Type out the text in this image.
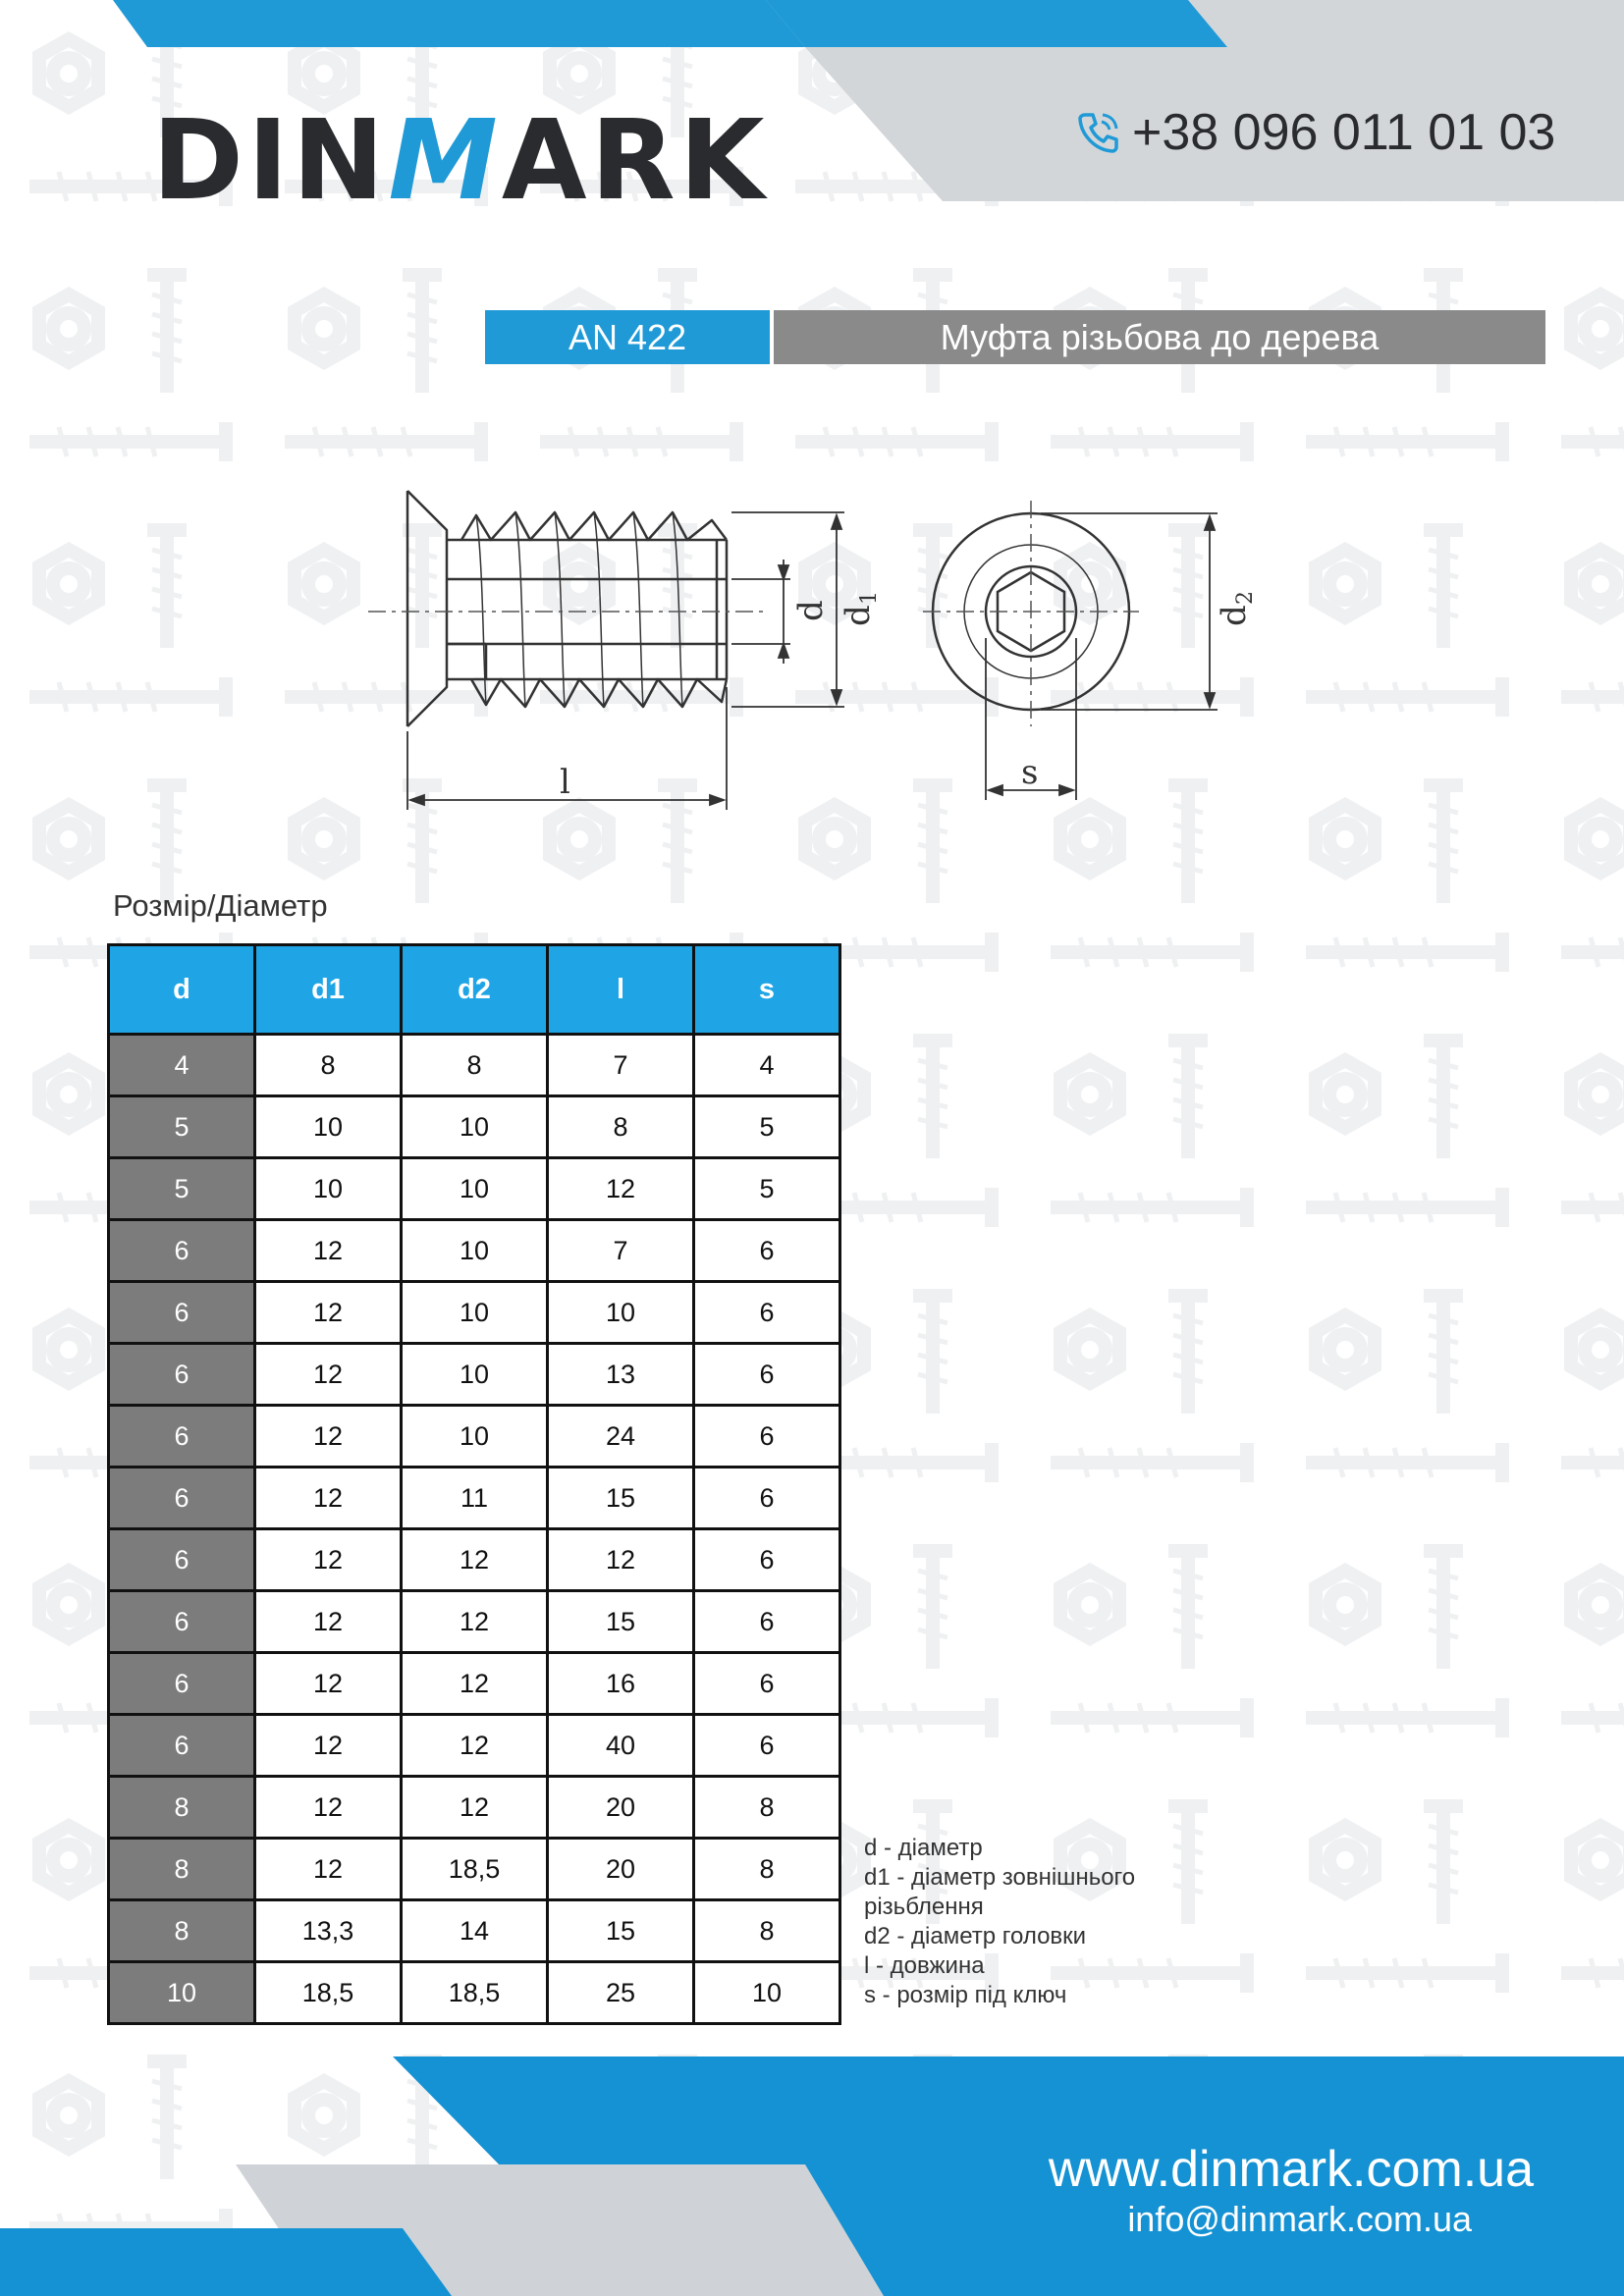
DINMARK	+38 096 011 01 03
AN 422	Муфта різьбова до дерева
l
d d
1
d
2
s
Розмір/Діаметр
d	d1	d2	l	s
4	8	8	7	4
5	10	10	8	5
5	10	10	12	5
6	12	10	7	6
6	12	10	10	6
6	12	10	13	6
6	12	10	24	6
6	12	11	15	6
6	12	12	12	6
6	12	12	15	6
6	12	12	16	6
6	12	12	40	6
8	12	12	20	8
8	12	18,5	20	8
8	13,3	14	15	8
10	18,5	18,5	25	10
d - діаметр
d1 - діаметр зовнішнього різьблення
d2 - діаметр головки
l - довжина
s - розмір під ключ
www.dinmark.com.ua
info@dinmark.com.ua
